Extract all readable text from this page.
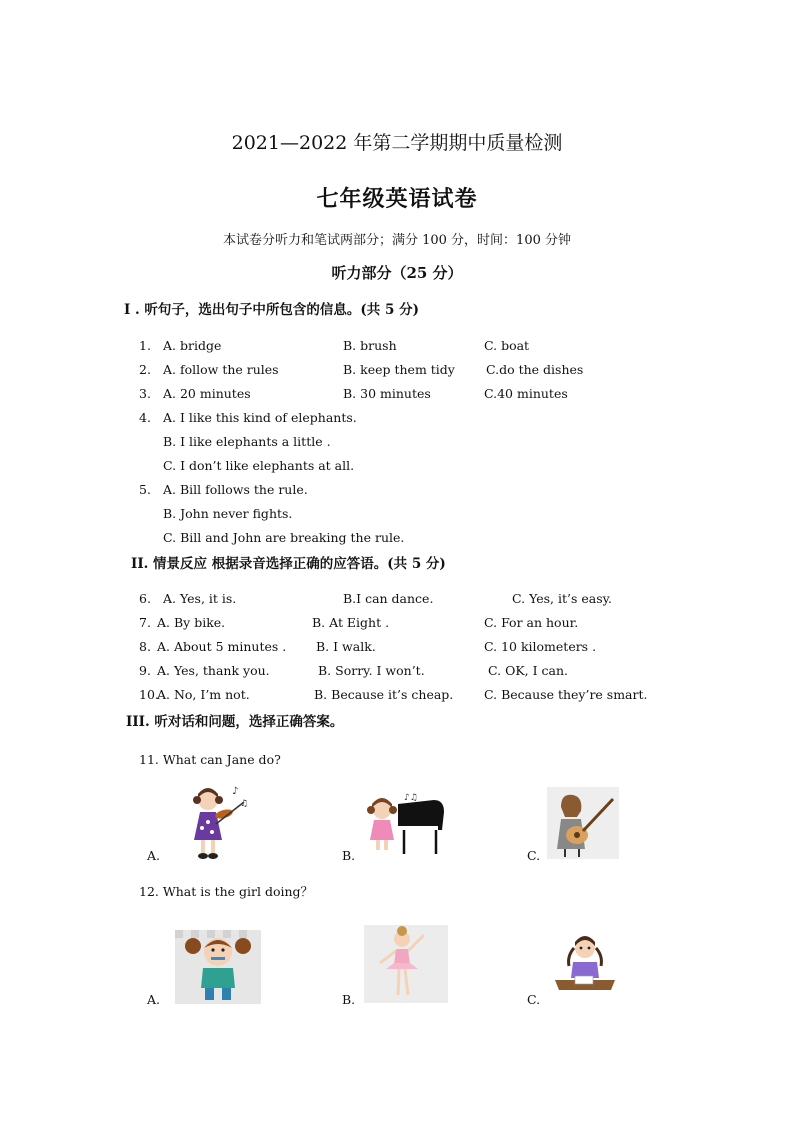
2021—2022 年第二学期期中质量检测
七年级英语试卷
本试卷分听力和笔试两部分；满分 100 分，时间：100 分钟
听力部分（25 分）
I . 听句子，选出句子中所包含的信息。(共 5 分)
1. A. bridge	B. brush	C. boat
2. A. follow the rules	B. keep them tidy C.do the dishes
3. A. 20 minutes	B. 30 minutes	C.40 minutes
4. A. I like this kind of elephants.
B. I like elephants a little .
C. I don’t like elephants at all.
5. A. Bill follows the rule.
B. John never fights.
C. Bill and John are breaking the rule.
II. 情景反应 根据录音选择正确的应答语。(共 5 分)
6. A. Yes, it is.	B.I can dance.	C. Yes, it’s easy.
7. A. By bike.	B. At Eight .	C. For an hour.
8. A. About 5 minutes . B. I walk.	C. 10 kilometers .
9. A. Yes, thank you.	B. Sorry. I won’t.	C. OK, I can.
10.
A. No, I’m not.	B. Because it’s cheap. C. Because they’re smart.
III. 听对话和问题，选择正确答案。
11. What can Jane do?
A.
♪
♫
B.
♪♫
C.
12. What is the girl doing？
A.	B.	C.
